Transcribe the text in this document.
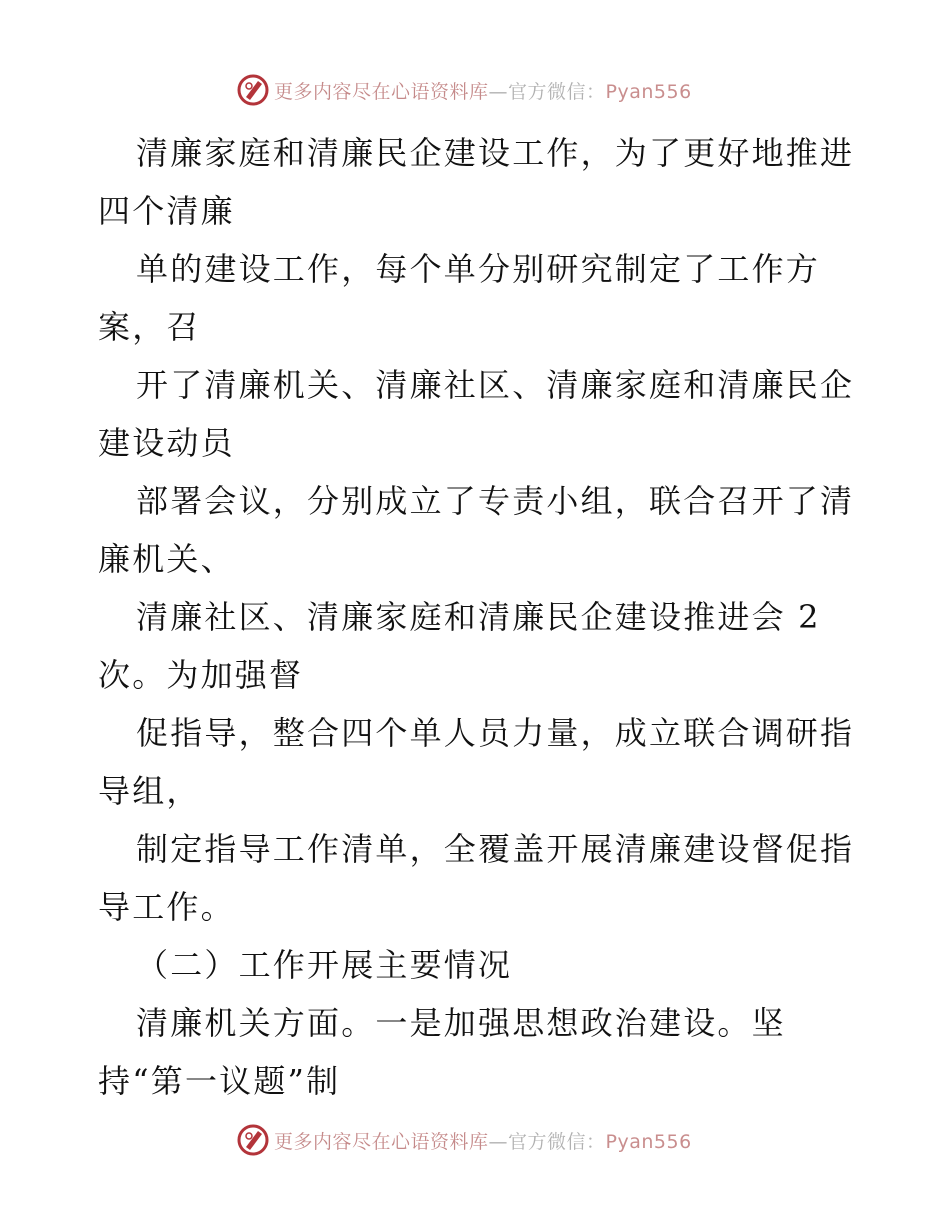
更多内容尽在心语资料库—官方微信：Pyan556
清廉家庭和清廉民企建设工作，为了更好地推进
四个清廉
单的建设工作，每个单分别研究制定了工作方
案，召
开了清廉机关、清廉社区、清廉家庭和清廉民企
建设动员
部署会议，分别成立了专责小组，联合召开了清
廉机关、
清廉社区、清廉家庭和清廉民企建设推进会 2
次。为加强督
促指导，整合四个单人员力量，成立联合调研指
导组，
制定指导工作清单，全覆盖开展清廉建设督促指
导工作。
（二）工作开展主要情况
清廉机关方面。一是加强思想政治建设。坚
持“第一议题”制
更多内容尽在心语资料库—官方微信：Pyan556
